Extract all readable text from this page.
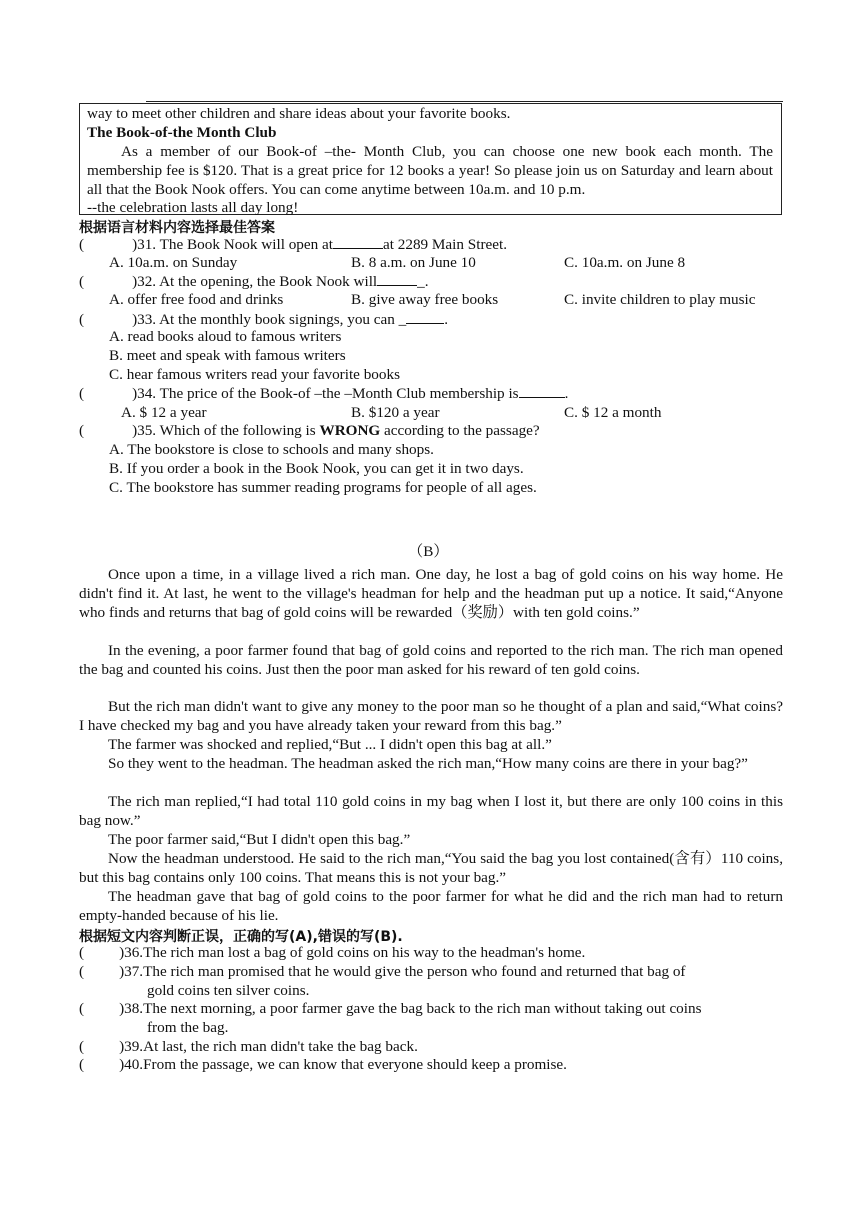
way to meet other children and share ideas about your favorite books.
The Book-of-the Month Club
As a member of our Book-of –the- Month Club, you can choose one new book each month. The membership fee is $120. That is a great price for 12 books a year! So please join us on Saturday and learn about all that the Book Nook offers. You can come anytime between 10a.m. and 10 p.m.
--the celebration lasts all day long!
根据语言材料内容选择最佳答案
(	)31. The Book Nook will open at	at 2289 Main Street.
A. 10a.m. on Sunday	B. 8 a.m. on June 10	C. 10a.m. on June 8
(	)32. At the opening, the Book Nook will	_.
A. offer free food and drinks	B. give away free books	C. invite children to play music
(	)33. At the monthly book signings, you can _	.
A. read books aloud to famous writers
B. meet and speak with famous writers
C. hear famous writers read your favorite books
(	)34. The price of the Book-of –the –Month Club membership is	.
A. $ 12 a year	B. $120 a year	C. $ 12 a month
(	)35. Which of the following is WRONG according to the passage?
A. The bookstore is close to schools and many shops.
B. If you order a book in the Book Nook, you can get it in two days.
C. The bookstore has summer reading programs for people of all ages.
（B）
Once upon a time, in a village lived a rich man. One day, he lost a bag of gold coins on his way home. He didn't find it. At last, he went to the village's headman for help and the headman put up a notice. It said,“Anyone who finds and returns that bag of gold coins will be rewarded（奖励）with ten gold coins.”
In the evening, a poor farmer found that bag of gold coins and reported to the rich man. The rich man opened the bag and counted his coins. Just then the poor man asked for his reward of ten gold coins.
But the rich man didn't want to give any money to the poor man so he thought of a plan and said,“What coins? I have checked my bag and you have already taken your reward from this bag.”
The farmer was shocked and replied,“But ... I didn't open this bag at all.”
So they went to the headman. The headman asked the rich man,“How many coins are there in your bag?”
The rich man replied,“I had total 110 gold coins in my bag when I lost it, but there are only 100 coins in this bag now.”
The poor farmer said,“But I didn't open this bag.”
Now the headman understood. He said to the rich man,“You said the bag you lost contained(含有）110 coins, but this bag contains only 100 coins. That means this is not your bag.”
The headman gave that bag of gold coins to the poor farmer for what he did and the rich man had to return empty-handed because of his lie.
根据短文内容判断正误，正确的写(A),错误的写(B).
( )36.The rich man lost a bag of gold coins on his way to the headman's home.
( )37.The rich man promised that he would give the person who found and returned that bag of
gold coins ten silver coins.
( )38.The next morning, a poor farmer gave the bag back to the rich man without taking out coins
from the bag.
( )39.At last, the rich man didn't take the bag back.
( )40.From the passage, we can know that everyone should keep a promise.
